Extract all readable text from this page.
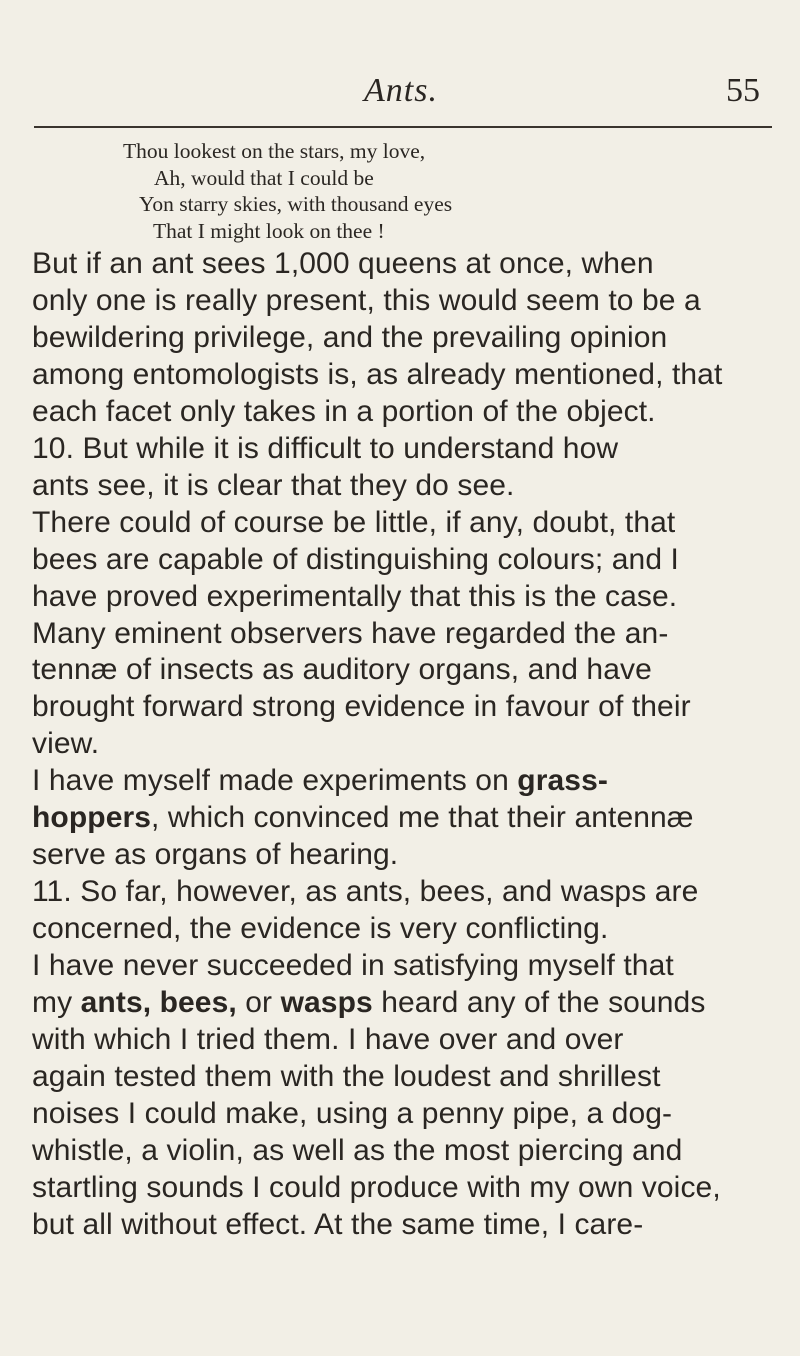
Ants.	55
Thou lookest on the stars, my love,
Ah, would that I could be
Yon starry skies, with thousand eyes
That I might look on thee !
But if an ant sees 1,000 queens at once, when
only one is really present, this would seem to be a
bewildering privilege, and the prevailing opinion
among entomologists is, as already mentioned, that
each facet only takes in a portion of the object.
10. But while it is difficult to understand how
ants see, it is clear that they do see.
There could of course be little, if any, doubt, that
bees are capable of distinguishing colours; and I
have proved experimentally that this is the case.
Many eminent observers have regarded the an-
tennæ of insects as auditory organs, and have
brought forward strong evidence in favour of their
view.
I have myself made experiments on grass-
hoppers, which convinced me that their antennæ
serve as organs of hearing.
11. So far, however, as ants, bees, and wasps are
concerned, the evidence is very conflicting.
I have never succeeded in satisfying myself that
my ants, bees, or wasps heard any of the sounds
with which I tried them. I have over and over
again tested them with the loudest and shrillest
noises I could make, using a penny pipe, a dog-
whistle, a violin, as well as the most piercing and
startling sounds I could produce with my own voice,
but all without effect. At the same time, I care-
